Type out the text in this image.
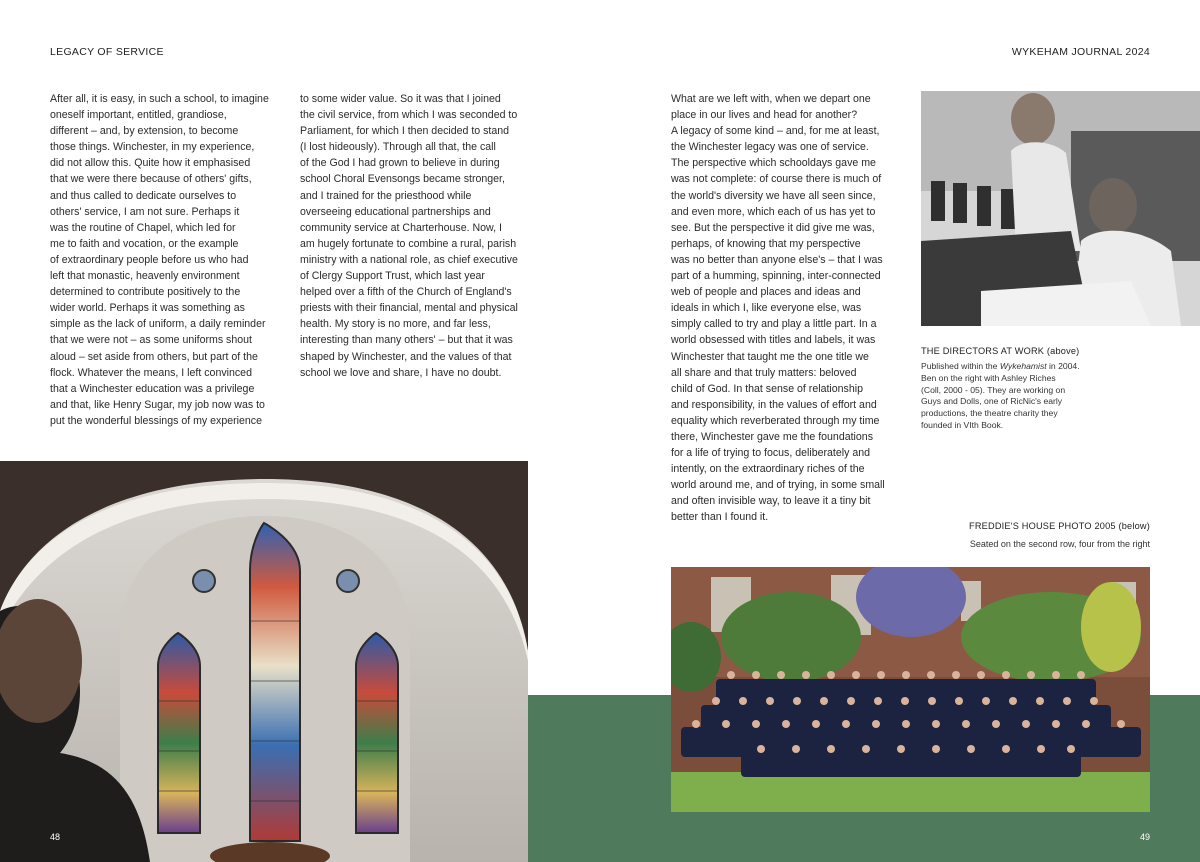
LEGACY OF SERVICE	WYKEHAM JOURNAL 2024
After all, it is easy, in such a school, to imagine
oneself important, entitled, grandiose,
different – and, by extension, to become
those things. Winchester, in my experience,
did not allow this. Quite how it emphasised
that we were there because of others' gifts,
and thus called to dedicate ourselves to
others' service, I am not sure. Perhaps it
was the routine of Chapel, which led for
me to faith and vocation, or the example
of extraordinary people before us who had
left that monastic, heavenly environment
determined to contribute positively to the
wider world. Perhaps it was something as
simple as the lack of uniform, a daily reminder
that we were not – as some uniforms shout
aloud – set aside from others, but part of the
flock. Whatever the means, I left convinced
that a Winchester education was a privilege
and that, like Henry Sugar, my job now was to
put the wonderful blessings of my experience
to some wider value. So it was that I joined
the civil service, from which I was seconded to
Parliament, for which I then decided to stand
(I lost hideously). Through all that, the call
of the God I had grown to believe in during
school Choral Evensongs became stronger,
and I trained for the priesthood while
overseeing educational partnerships and
community service at Charterhouse. Now, I
am hugely fortunate to combine a rural, parish
ministry with a national role, as chief executive
of Clergy Support Trust, which last year
helped over a fifth of the Church of England's
priests with their financial, mental and physical
health. My story is no more, and far less,
interesting than many others' – but that it was
shaped by Winchester, and the values of that
school we love and share, I have no doubt.
What are we left with, when we depart one
place in our lives and head for another?
A legacy of some kind – and, for me at least,
the Winchester legacy was one of service.
The perspective which schooldays gave me
was not complete: of course there is much of
the world's diversity we have all seen since,
and even more, which each of us has yet to
see. But the perspective it did give me was,
perhaps, of knowing that my perspective
was no better than anyone else's – that I was
part of a humming, spinning, inter-connected
web of people and places and ideas and
ideals in which I, like everyone else, was
simply called to try and play a little part. In a
world obsessed with titles and labels, it was
Winchester that taught me the one title we
all share and that truly matters: beloved
child of God. In that sense of relationship
and responsibility, in the values of effort and
equality which reverberated through my time
there, Winchester gave me the foundations
for a life of trying to focus, deliberately and
intently, on the extraordinary riches of the
world around me, and of trying, in some small
and often invisible way, to leave it a tiny bit
better than I found it.
THE DIRECTORS AT WORK (above)
Published within the Wykehamist in 2004.
Ben on the right with Ashley Riches
(Coll, 2000 - 05). They are working on
Guys and Dolls, one of RicNic's early
productions, the theatre charity they
founded in VIth Book.
FREDDIE'S HOUSE PHOTO 2005 (below)
Seated on the second row, four from the right
48	49
